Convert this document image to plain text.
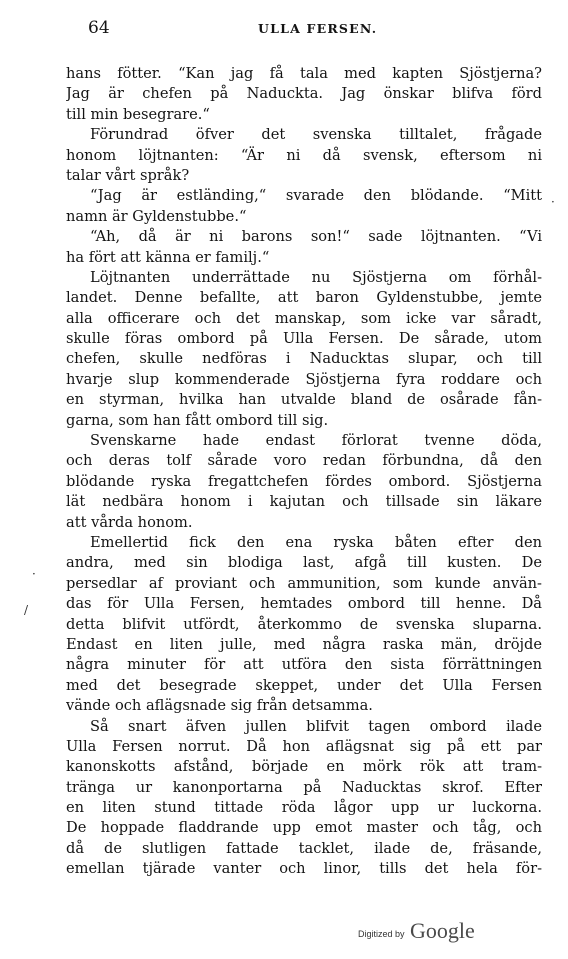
64	ULLA FERSEN.
hans fötter. “Kan jag få tala med kapten Sjöstjerna?
Jag är chefen på Naduckta. Jag önskar blifva förd
till min besegrare.“
Förundrad öfver det svenska tilltalet, frågade
honom löjtnanten: “Är ni då svensk, eftersom ni
talar vårt språk?
“Jag är estländing,“ svarade den blödande. “Mitt
namn är Gyldenstubbe.“
“Ah, då är ni barons son!“ sade löjtnanten. “Vi
ha fört att känna er familj.“
Löjtnanten underrättade nu Sjöstjerna om förhål-
landet. Denne befallte, att baron Gyldenstubbe, jemte
alla officerare och det manskap, som icke var såradt,
skulle föras ombord på Ulla Fersen. De sårade, utom
chefen, skulle nedföras i Naducktas slupar, och till
hvarje slup kommenderade Sjöstjerna fyra roddare och
en styrman, hvilka han utvalde bland de osårade fån-
garna, som han fått ombord till sig.
Svenskarne hade endast förlorat tvenne döda,
och deras tolf sårade voro redan förbundna, då den
blödande ryska fregattchefen fördes ombord. Sjöstjerna
lät nedbära honom i kajutan och tillsade sin läkare
att vårda honom.
Emellertid fick den ena ryska båten efter den
andra, med sin blodiga last, afgå till kusten. De
persedlar af proviant och ammunition, som kunde använ-
das för Ulla Fersen, hemtades ombord till henne. Då
detta blifvit utfördt, återkommo de svenska sluparna.
Endast en liten julle, med några raska män, dröjde
några minuter för att utföra den sista förrättningen
med det besegrade skeppet, under det Ulla Fersen
vände och aflägsnade sig från detsamma.
Så snart äfven jullen blifvit tagen ombord ilade
Ulla Fersen norrut. Då hon aflägsnat sig på ett par
kanonskotts afstånd, började en mörk rök att tram-
tränga ur kanonportarna på Naducktas skrof. Efter
en liten stund tittade röda lågor upp ur luckorna.
De hoppade fladdrande upp emot master och tåg, och
då de slutligen fattade tacklet, ilade de, fräsande,
emellan tjärade vanter och linor, tills det hela för-
·
·
/
Digitized by Google
